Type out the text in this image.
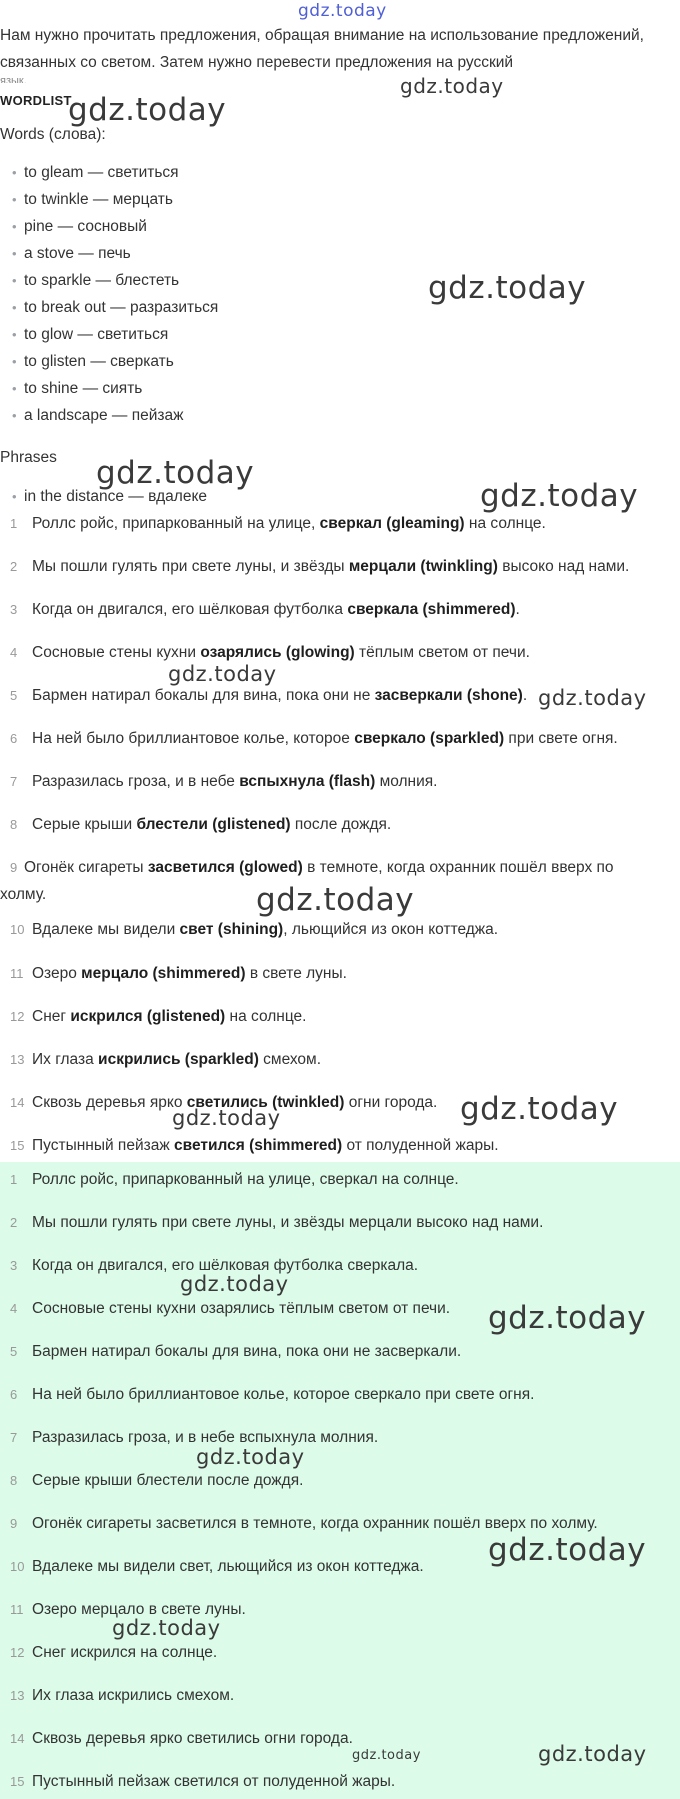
gdz.today
Нам нужно прочитать предложения, обращая внимание на использование предложений, связанных со светом. Затем нужно перевести предложения на русский
язык.
WORDLIST
Words (слова):
• to gleam — светиться
• to twinkle — мерцать
• pine — сосновый
• a stove — печь
• to sparkle — блестеть
• to break out — разразиться
• to glow — светиться
• to glisten — сверкать
• to shine — сиять
• a landscape — пейзаж
Phrases
• in the distance — вдалеке
1 Роллс ройс, припаркованный на улице, сверкал (gleaming) на солнце.
2 Мы пошли гулять при свете луны, и звёзды мерцали (twinkling) высоко над нами.
3 Когда он двигался, его шёлковая футболка сверкала (shimmered).
4 Сосновые стены кухни озарялись (glowing) тёплым светом от печи.
5 Бармен натирал бокалы для вина, пока они не засверкали (shone).
6 На ней было бриллиантовое колье, которое сверкало (sparkled) при свете огня.
7 Разразилась гроза, и в небе вспыхнула (flash) молния.
8 Серые крыши блестели (glistened) после дождя.
9 Огонёк сигареты засветился (glowed) в темноте, когда охранник пошёл вверх по холму.
10 Вдалеке мы видели свет (shining), льющийся из окон коттеджа.
11 Озеро мерцало (shimmered) в свете луны.
12 Снег искрился (glistened) на солнце.
13 Их глаза искрились (sparkled) смехом.
14 Сквозь деревья ярко светились (twinkled) огни города.
15 Пустынный пейзаж светился (shimmered) от полуденной жары.
1 Роллс ройс, припаркованный на улице, сверкал на солнце.
2 Мы пошли гулять при свете луны, и звёзды мерцали высоко над нами.
3 Когда он двигался, его шёлковая футболка сверкала.
4 Сосновые стены кухни озарялись тёплым светом от печи.
5 Бармен натирал бокалы для вина, пока они не засверкали.
6 На ней было бриллиантовое колье, которое сверкало при свете огня.
7 Разразилась гроза, и в небе вспыхнула молния.
8 Серые крыши блестели после дождя.
9 Огонёк сигареты засветился в темноте, когда охранник пошёл вверх по холму.
10 Вдалеке мы видели свет, льющийся из окон коттеджа.
11 Озеро мерцало в свете луны.
12 Снег искрился на солнце.
13 Их глаза искрились смехом.
14 Сквозь деревья ярко светились огни города.
15 Пустынный пейзаж светился от полуденной жары.
gdz.today
gdz.today
gdz.today
gdz.today
gdz.today
gdz.today
gdz.today
gdz.today
gdz.today
gdz.today
gdz.today
gdz.today
gdz.today
gdz.today
gdz.today
gdz.today
gdz.today
